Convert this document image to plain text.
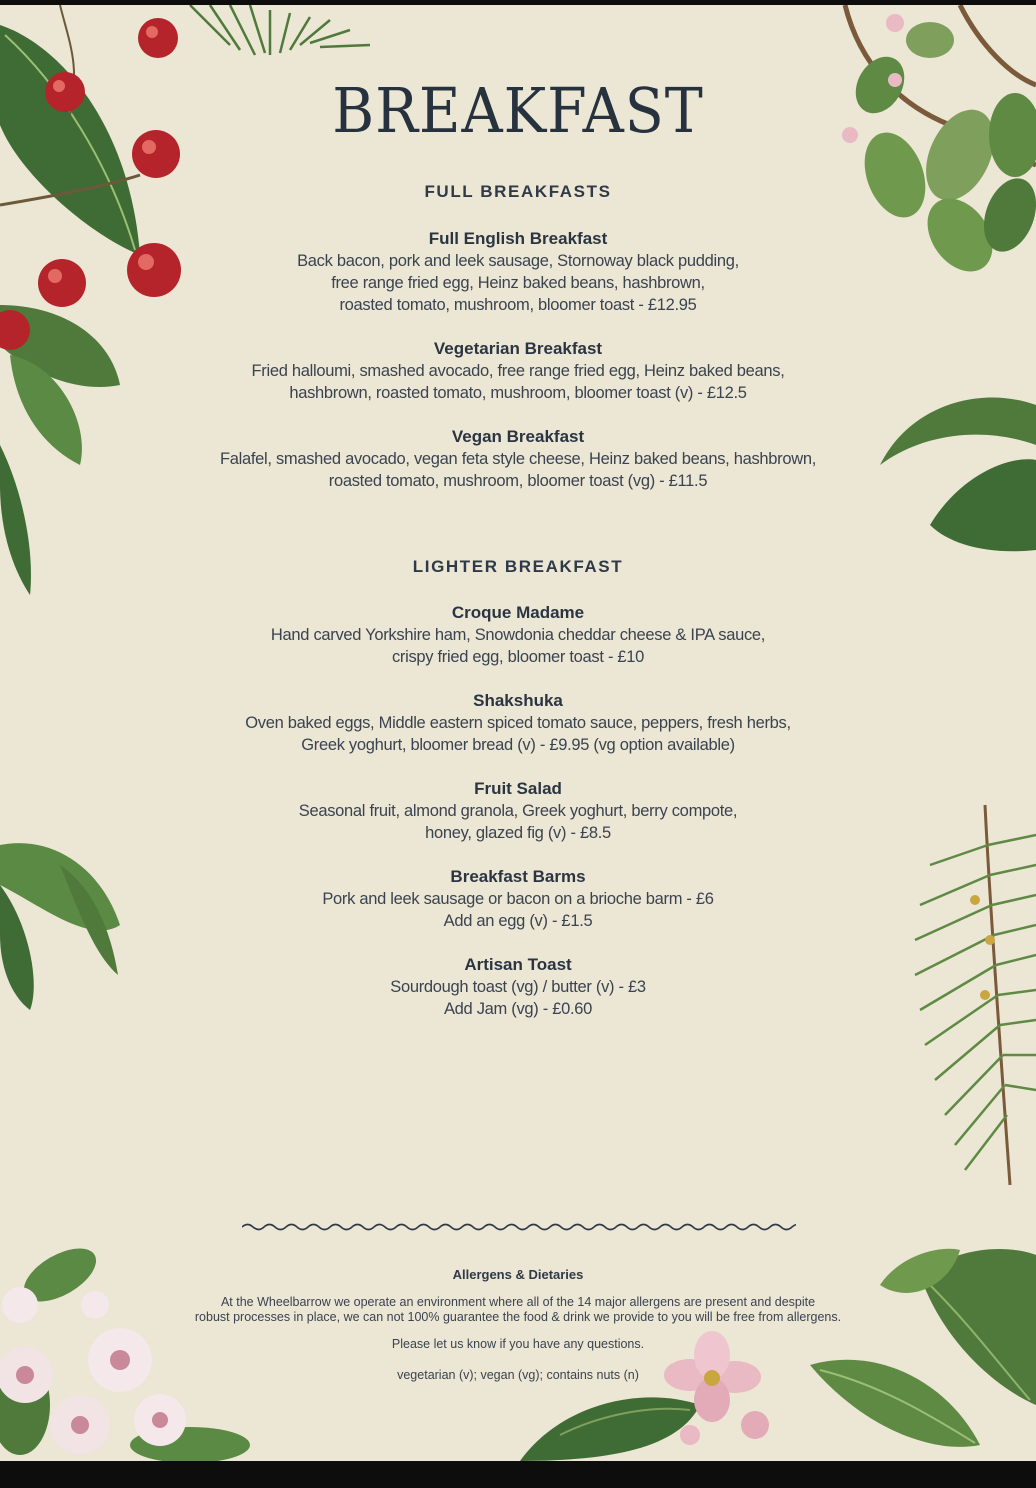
BREAKFAST
FULL BREAKFASTS

Full English Breakfast

Back bacon, pork and leek sausage, Stornoway black pudding,

free range fried egg, Heinz baked beans, hashbrown,

roasted tomato, mushroom, bloomer toast - £12.95

Vegetarian Breakfast

Fried halloumi, smashed avocado, free range fried egg, Heinz baked beans,

hashbrown, roasted tomato, mushroom, bloomer toast (v) - £12.5

Vegan Breakfast

Falafel, smashed avocado, vegan feta style cheese, Heinz baked beans, hashbrown,

roasted tomato, mushroom, bloomer toast (vg) - £11.5

LIGHTER BREAKFAST

Croque Madame

Hand carved Yorkshire ham, Snowdonia cheddar cheese & IPA sauce,

crispy fried egg, bloomer toast - £10

Shakshuka

Oven baked eggs, Middle eastern spiced tomato sauce, peppers, fresh herbs,

Greek yoghurt, bloomer bread (v) - £9.95 (vg option available)

Fruit Salad

Seasonal fruit, almond granola, Greek yoghurt, berry compote,

honey, glazed fig (v) - £8.5

Breakfast Barms

Pork and leek sausage or bacon on a brioche barm - £6

Add an egg (v) - £1.5

Artisan Toast

Sourdough toast (vg) / butter (v) - £3

Add Jam (vg) - £0.60

Allergens & Dietaries

At the Wheelbarrow we operate an environment where all of the 14 major allergens are present and despite

robust processes in place, we can not 100% guarantee the food & drink we provide to you will be free from allergens.

Please let us know if you have any questions.

vegetarian (v); vegan (vg); contains nuts (n)
